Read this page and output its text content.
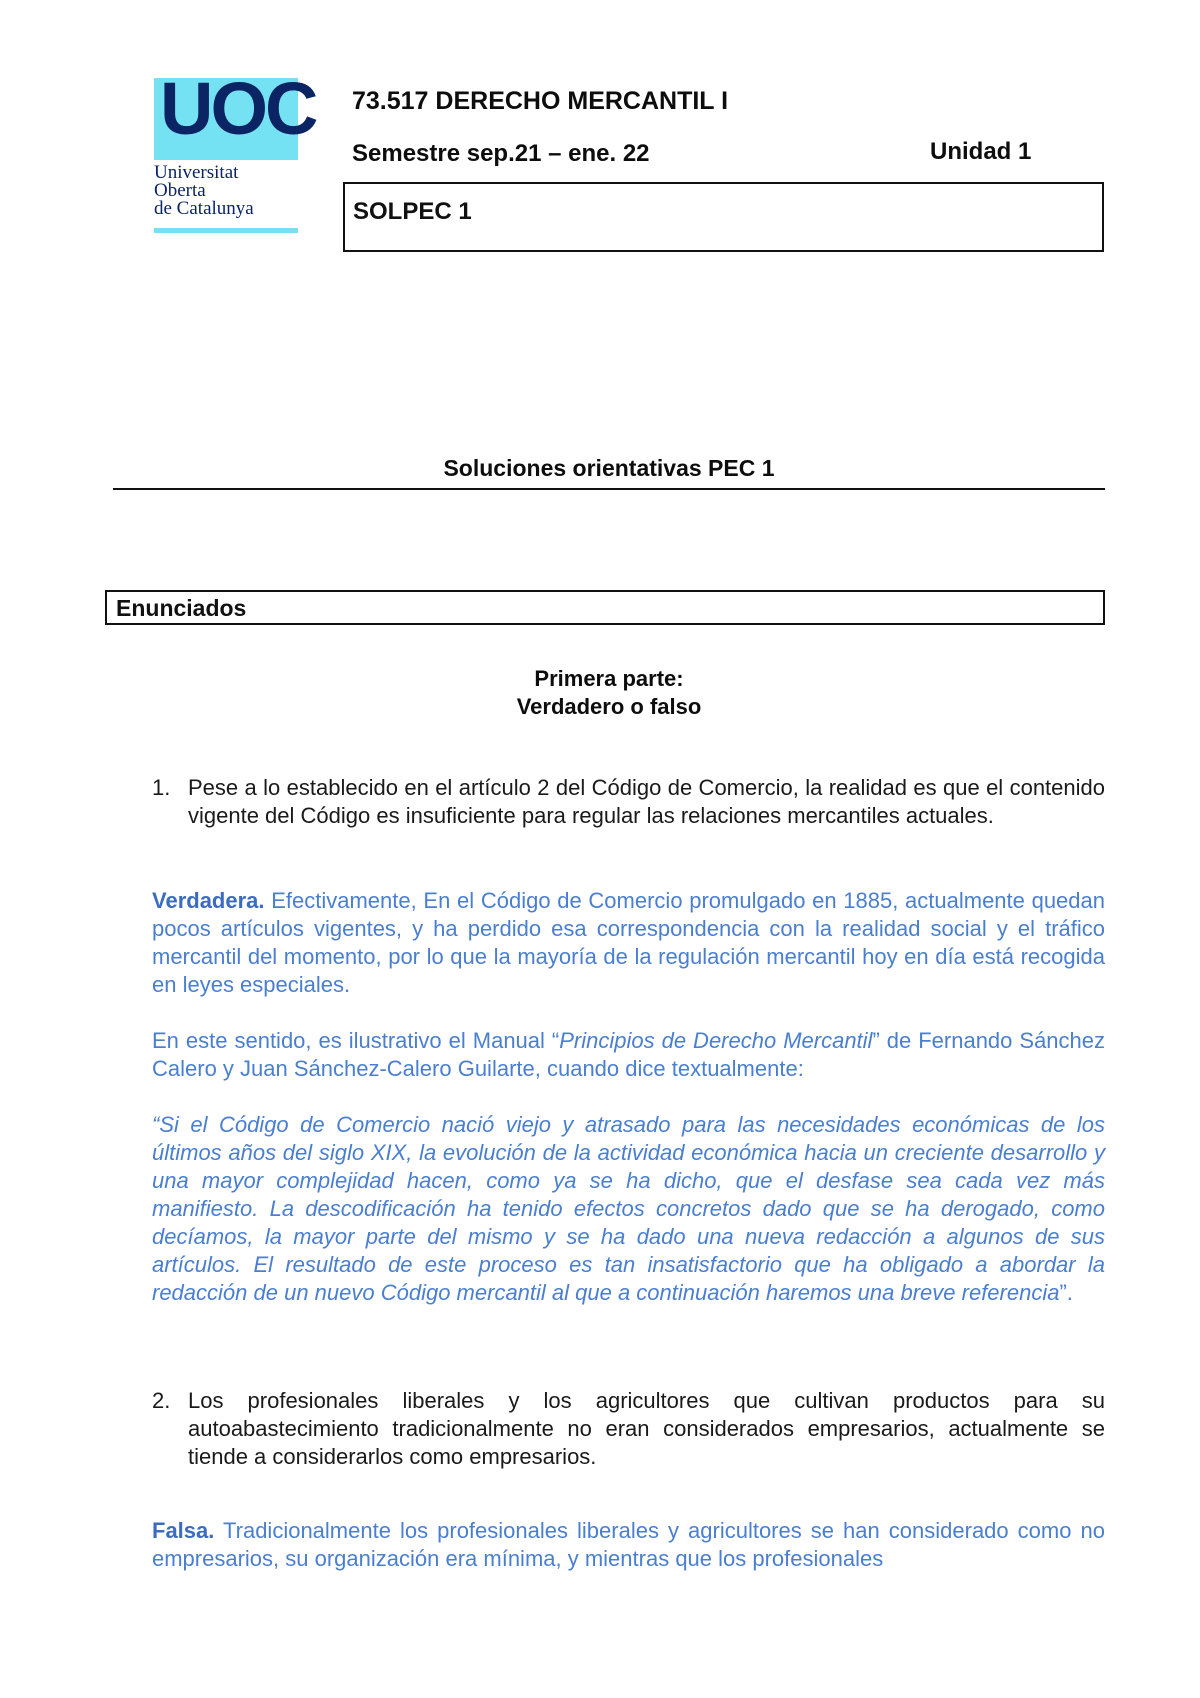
UOC
Universitat
Oberta
de Catalunya
73.517 DERECHO MERCANTIL I
Semestre sep.21 – ene. 22	Unidad 1
SOLPEC 1
Soluciones orientativas PEC 1
Enunciados
Primera parte:
Verdadero o falso
1. Pese a lo establecido en el artículo 2 del Código de Comercio, la realidad es que el contenido vigente del Código es insuficiente para regular las relaciones mercantiles actuales.
Verdadera. Efectivamente, En el Código de Comercio promulgado en 1885, actualmente quedan pocos artículos vigentes, y ha perdido esa correspondencia con la realidad social y el tráfico mercantil del momento, por lo que la mayoría de la regulación mercantil hoy en día está recogida en leyes especiales.
En este sentido, es ilustrativo el Manual “Principios de Derecho Mercantil” de Fernando Sánchez Calero y Juan Sánchez-Calero Guilarte, cuando dice textualmente:
“Si el Código de Comercio nació viejo y atrasado para las necesidades económicas de los últimos años del siglo XIX, la evolución de la actividad económica hacia un creciente desarrollo y una mayor complejidad hacen, como ya se ha dicho, que el desfase sea cada vez más manifiesto. La descodificación ha tenido efectos concretos dado que se ha derogado, como decíamos, la mayor parte del mismo y se ha dado una nueva redacción a algunos de sus artículos. El resultado de este proceso es tan insatisfactorio que ha obligado a abordar la redacción de un nuevo Código mercantil al que a continuación haremos una breve referencia”.
2. Los profesionales liberales y los agricultores que cultivan productos para su autoabastecimiento tradicionalmente no eran considerados empresarios, actualmente se tiende a considerarlos como empresarios.
Falsa. Tradicionalmente los profesionales liberales y agricultores se han considerado como no empresarios, su organización era mínima, y mientras que los profesionales
